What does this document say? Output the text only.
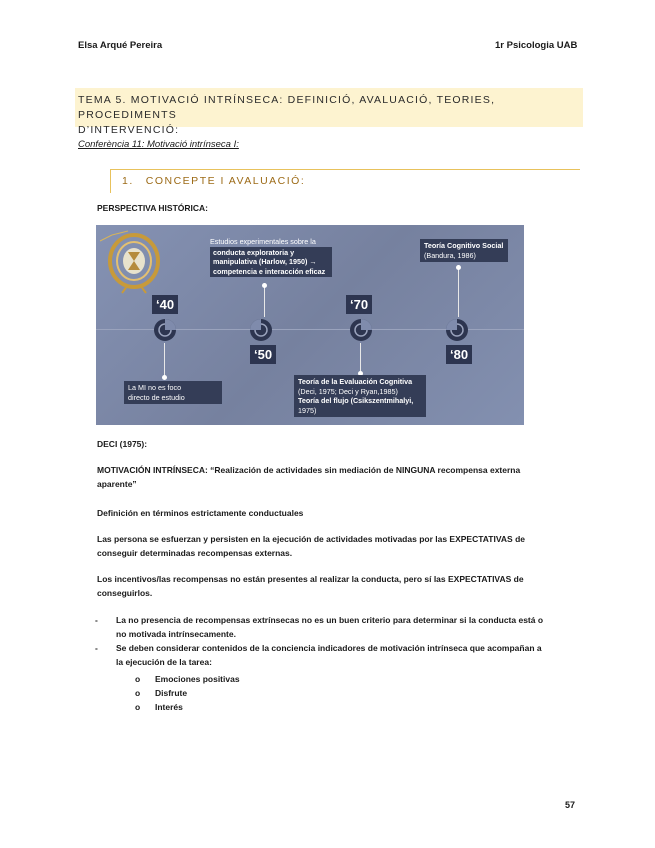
Elsa Arqué Pereira	1r Psicologia UAB
TEMA 5. MOTIVACIÓ INTRÍNSECA: DEFINICIÓ, AVALUACIÓ, TEORIES, PROCEDIMENTS
D’INTERVENCIÓ:
Conferència 11: Motivació intrínseca I:
1. CONCEPTE I AVALUACIÓ:
PERSPECTIVA HISTÓRICA:
‘40
‘50
‘70
‘80
La MI no es foco
directo de estudio
Estudios experimentales sobre la
conducta exploratoria y
manipulativa (Harlow, 1950) →
competencia e interacción eficaz
Teoría de la Evaluación Cognitiva
(Deci, 1975; Deci y Ryan,1985)
Teoría del flujo (Csikszentmihalyi,
1975)
Teoría Cognitivo Social
(Bandura, 1986)
DECI (1975):
MOTIVACIÓN INTRÍNSECA: “Realización de actividades sin mediación de NINGUNA recompensa externa
aparente”
Definición en términos estrictamente conductuales
Las persona se esfuerzan y persisten en la ejecución de actividades motivadas por las EXPECTATIVAS de
conseguir determinadas recompensas externas.
Los incentivos/las recompensas no están presentes al realizar la conducta, pero sí las EXPECTATIVAS de
conseguirlos.
- La no presencia de recompensas extrínsecas no es un buen criterio para determinar si la conducta está o
no motivada intrínsecamente.
- Se deben considerar contenidos de la conciencia indicadores de motivación intrínseca que acompañan a
la ejecución de la tarea:
o Emociones positivas
o Disfrute
o Interés
57
